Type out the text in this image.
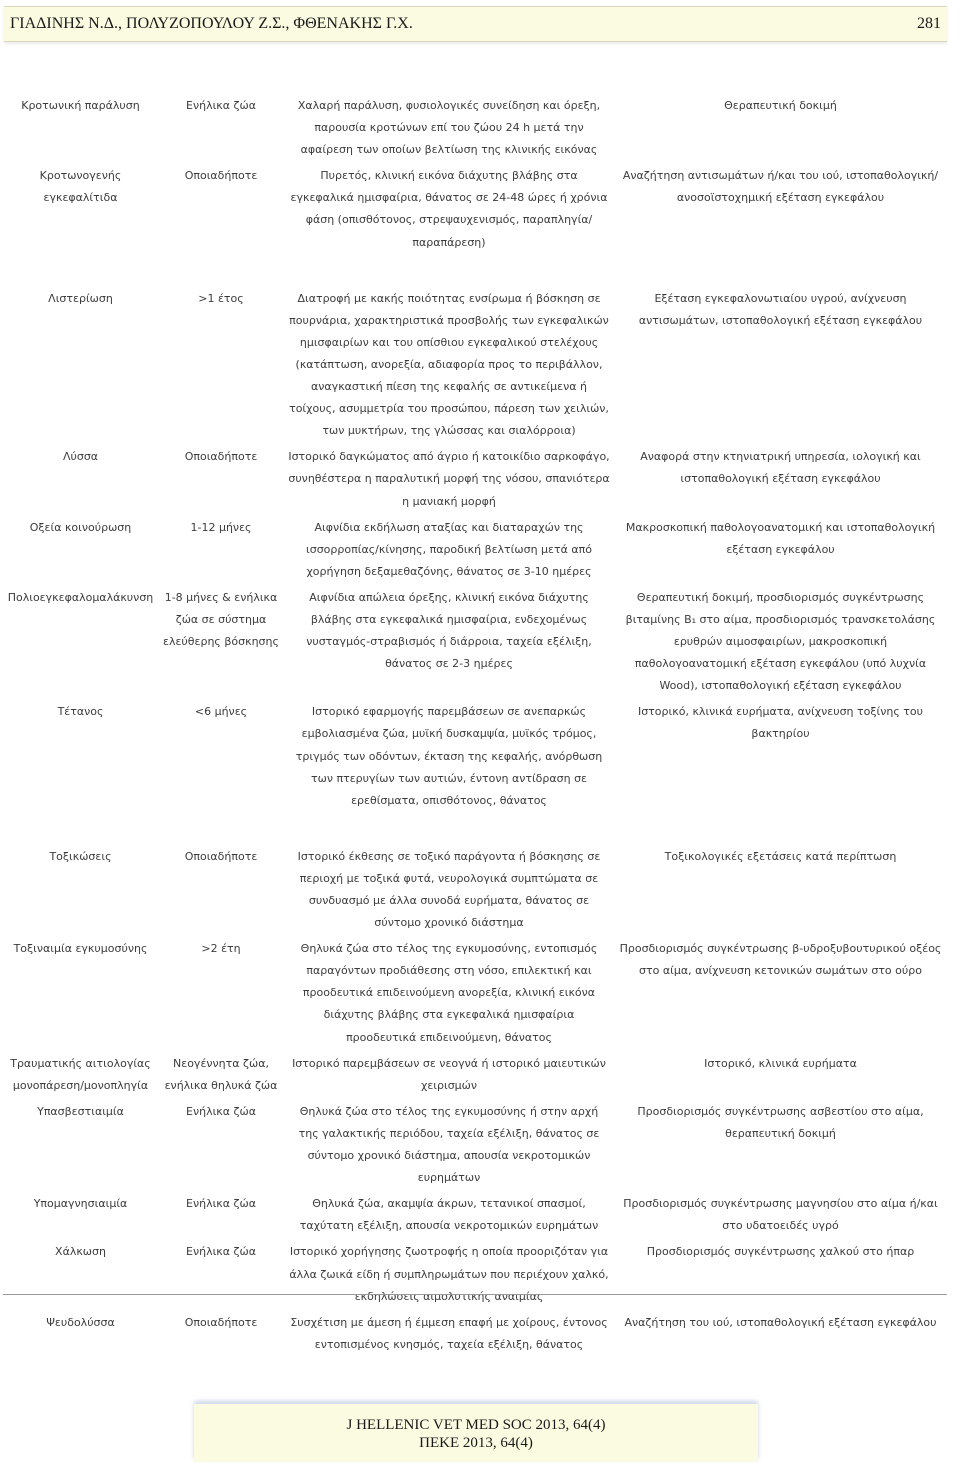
ΓΙΑΔΙΝΗΣ Ν.Δ., ΠΟΛΥΖΟΠΟΥΛΟΥ Ζ.Σ., ΦΘΕΝΑΚΗΣ Γ.Χ.	281
Κροτωνική παράλυση	Ενήλικα ζώα	Χαλαρή παράλυση, φυσιολογικές συνείδηση και όρεξη, παρουσία κροτώνων επί του ζώου 24 h μετά την αφαίρεση των οποίων βελτίωση της κλινικής εικόνας	Θεραπευτική δοκιμή
Κροτωνογενής εγκεφαλίτιδα	Οποιαδήποτε	Πυρετός, κλινική εικόνα διάχυτης βλάβης στα εγκεφαλικά ημισφαίρια, θάνατος σε 24-48 ώρες ή χρόνια φάση (οπισθότονος, στρεψαυχενισμός, παραπληγία/παραπάρεση)	Αναζήτηση αντισωμάτων ή/και του ιού, ιστοπαθολογική/ανοσοϊστοχημική εξέταση εγκεφάλου

Λιστερίωση	>1 έτος	Διατροφή με κακής ποιότητας ενσίρωμα ή βόσκηση σε πουρνάρια, χαρακτηριστικά προσβολής των εγκεφαλικών ημισφαιρίων και του οπίσθιου εγκεφαλικού στελέχους (κατάπτωση, ανορεξία, αδιαφορία προς το περιβάλλον, αναγκαστική πίεση της κεφαλής σε αντικείμενα ή τοίχους, ασυμμετρία του προσώπου, πάρεση των χειλιών, των μυκτήρων, της γλώσσας και σιαλόρροια)	Εξέταση εγκεφαλονωτιαίου υγρού, ανίχνευση αντισωμάτων, ιστοπαθολογική εξέταση εγκεφάλου
Λύσσα	Οποιαδήποτε	Ιστορικό δαγκώματος από άγριο ή κατοικίδιο σαρκοφάγο, συνηθέστερα η παραλυτική μορφή της νόσου, σπανιότερα η μανιακή μορφή	Αναφορά στην κτηνιατρική υπηρεσία, ιολογική και ιστοπαθολογική εξέταση εγκεφάλου
Οξεία κοινούρωση	1-12 μήνες	Αιφνίδια εκδήλωση αταξίας και διαταραχών της ισσορροπίας/κίνησης, παροδική βελτίωση μετά από χορήγηση δεξαμεθαζόνης, θάνατος σε 3-10 ημέρες	Μακροσκοπική παθολογοανατομική και ιστοπαθολογική εξέταση εγκεφάλου
Πολιοεγκεφαλομαλάκυνση	1-8 μήνες & ενήλικα ζώα σε σύστημα ελεύθερης βόσκησης	Αιφνίδια απώλεια όρεξης, κλινική εικόνα διάχυτης βλάβης στα εγκεφαλικά ημισφαίρια, ενδεχομένως νυσταγμός-στραβισμός ή διάρροια, ταχεία εξέλιξη, θάνατος σε 2-3 ημέρες	Θεραπευτική δοκιμή, προσδιορισμός συγκέντρωσης βιταμίνης B₁ στο αίμα, προσδιορισμός τρανσκετολάσης ερυθρών αιμοσφαιρίων, μακροσκοπική παθολογοανατομική εξέταση εγκεφάλου (υπό λυχνία Wood), ιστοπαθολογική εξέταση εγκεφάλου
Τέτανος	<6 μήνες	Ιστορικό εφαρμογής παρεμβάσεων σε ανεπαρκώς εμβολιασμένα ζώα, μυϊκή δυσκαμψία, μυϊκός τρόμος, τριγμός των οδόντων, έκταση της κεφαλής, ανόρθωση των πτερυγίων των αυτιών, έντονη αντίδραση σε ερεθίσματα, οπισθότονος, θάνατος	Ιστορικό, κλινικά ευρήματα, ανίχνευση τοξίνης του βακτηρίου

Τοξικώσεις	Οποιαδήποτε	Ιστορικό έκθεσης σε τοξικό παράγοντα ή βόσκησης σε περιοχή με τοξικά φυτά, νευρολογικά συμπτώματα σε συνδυασμό με άλλα συνοδά ευρήματα, θάνατος σε σύντομο χρονικό διάστημα	Τοξικολογικές εξετάσεις κατά περίπτωση
Τοξιναιμία εγκυμοσύνης	>2 έτη	Θηλυκά ζώα στο τέλος της εγκυμοσύνης, εντοπισμός παραγόντων προδιάθεσης στη νόσο, επιλεκτική και προοδευτικά επιδεινούμενη ανορεξία, κλινική εικόνα διάχυτης βλάβης στα εγκεφαλικά ημισφαίρια προοδευτικά επιδεινούμενη, θάνατος	Προσδιορισμός συγκέντρωσης β-υδροξυβουτυρικού οξέος στο αίμα, ανίχνευση κετονικών σωμάτων στο ούρο
Τραυματικής αιτιολογίας μονοπάρεση/μονοπληγία	Νεογέννητα ζώα, ενήλικα θηλυκά ζώα	Ιστορικό παρεμβάσεων σε νεογνά ή ιστορικό μαιευτικών χειρισμών	Ιστορικό, κλινικά ευρήματα
Υπασβεστιαιμία	Ενήλικα ζώα	Θηλυκά ζώα στο τέλος της εγκυμοσύνης ή στην αρχή της γαλακτικής περιόδου, ταχεία εξέλιξη, θάνατος σε σύντομο χρονικό διάστημα, απουσία νεκροτομικών ευρημάτων	Προσδιορισμός συγκέντρωσης ασβεστίου στο αίμα, θεραπευτική δοκιμή
Υπομαγνησιαιμία	Ενήλικα ζώα	Θηλυκά ζώα, ακαμψία άκρων, τετανικοί σπασμοί, ταχύτατη εξέλιξη, απουσία νεκροτομικών ευρημάτων	Προσδιορισμός συγκέντρωσης μαγνησίου στο αίμα ή/και στο υδατοειδές υγρό
Χάλκωση	Ενήλικα ζώα	Ιστορικό χορήγησης ζωοτροφής η οποία προοριζόταν για άλλα ζωικά είδη ή συμπληρωμάτων που περιέχουν χαλκό, εκδηλώσεις αιμολυτικής αναιμίας	Προσδιορισμός συγκέντρωσης χαλκού στο ήπαρ
Ψευδολύσσα	Οποιαδήποτε	Συσχέτιση με άμεση ή έμμεση επαφή με χοίρους, έντονος εντοπισμένος κνησμός, ταχεία εξέλιξη, θάνατος	Αναζήτηση του ιού, ιστοπαθολογική εξέταση εγκεφάλου
J HELLENIC VET MED SOC 2013, 64(4)
ΠΕΚΕ 2013, 64(4)
